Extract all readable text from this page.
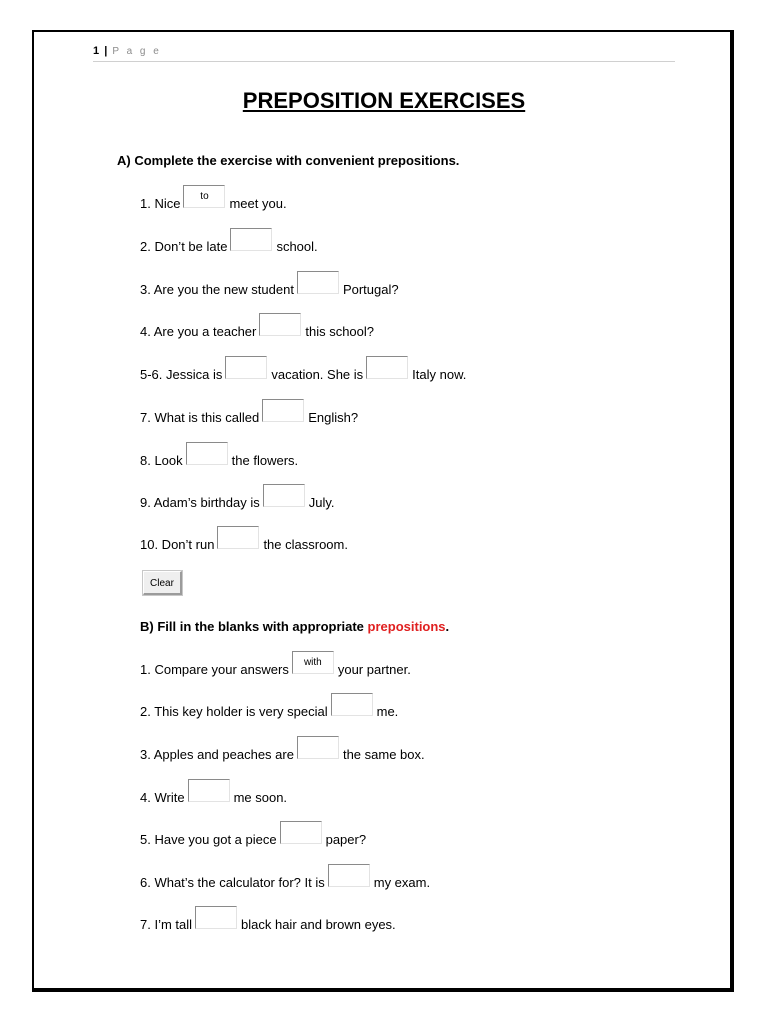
1 | P a g e
PREPOSITION EXERCISES
A) Complete the exercise with convenient prepositions.
1. Niceto	meet you.
2. Don’t be late	school.
3. Are you the new student	Portugal?
4. Are you a teacher	this school?
5-6. Jessica is	vacation. She is	Italy now.
7. What is this called	English?
8. Look	the flowers.
9. Adam’s birthday is	July.
10. Don’t run	the classroom.
Clear
B) Fill in the blanks with appropriate prepositions.
1. Compare your answerswith	your partner.
2. This key holder is very special	me.
3. Apples and peaches are	the same box.
4. Write	me soon.
5. Have you got a piece	paper?
6. What’s the calculator for? It is	my exam.
7. I’m tall	black hair and brown eyes.
